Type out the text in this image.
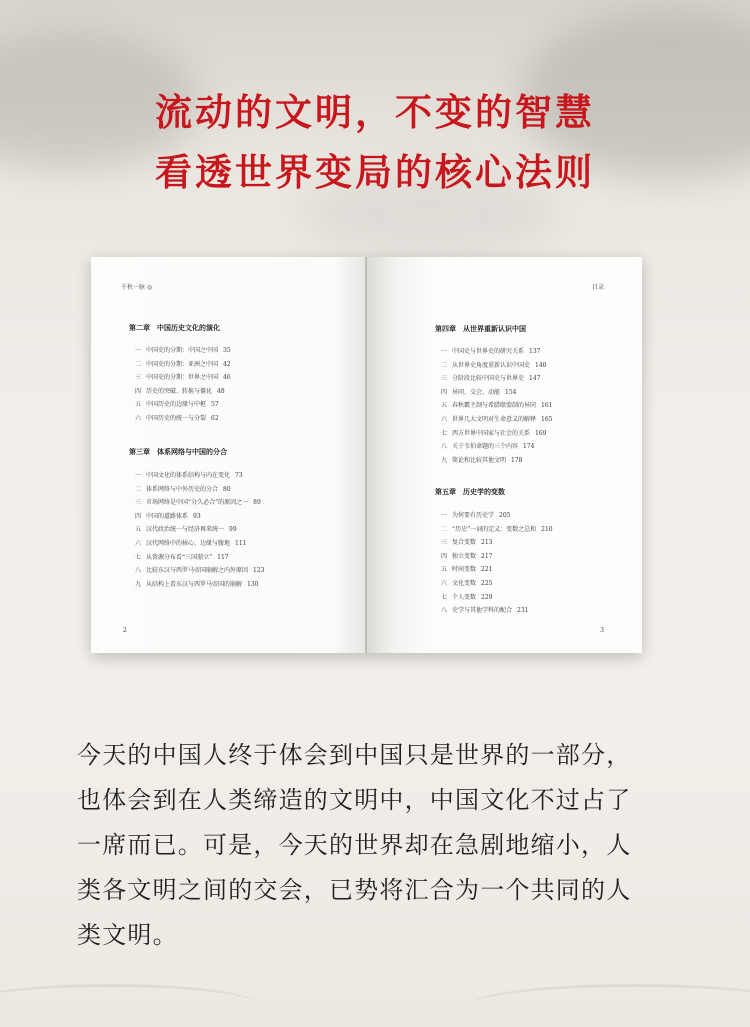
流动的文明，不变的智慧
看透世界变局的核心法则
千秋一脉 ◎
第二章　中国历史文化的演化
一 中国史的分期：中国之中国 35
二 中国史的分期：亚洲之中国 42
三 中国史的分期：世界之中国 46
四 历史的突破、转换与僵化 48
五 中国历史的边缘与中枢 57
六 中国历史的统一与分裂 62
第三章　体系网络与中国的分合
一 中国文化的体系结构与内在变化 73
二 体系网络与中外历史的分合 80
三 市场网络是中国“分久必合”的原因之一 89
四 中国的道路体系 93
五 汉代政治统一与经济再来统一 99
六 汉代网络中的核心、边缘与腹地 111
七 从资源分布看“三国鼎立” 117
八 比较东汉与西罗马帝国崩解之内外原因 123
九 从结构上看东汉与西罗马帝国的崩解 130
2
目录
第四章　从世界重新认识中国
一 中国史与世界史的研究关系 137
二 从世界史角度重新认识中国史 140
三 分阶段比较中国史与世界史 147
四 异同、交会、动能 154
五 春秋霸主制与希腊联盟制的异同 161
六 世界几大文明对生命意义的解释 165
七 西方世界中国家与社会的关系 169
八 关于韦伯命题的三个内容 174
九 简论和比较其他文明 178
第五章　历史学的变数
一 为何要有历史学 205
二 “历史”一词的定义：变数之总和 210
三 复合变数 213
四 独立变数 217
五 时间变数 221
六 文化变数 225
七 个人变数 229
八 史学与其他学科的配合 231
3

今天的中国人终于体会到中国只是世界的一部分，
也体会到在人类缔造的文明中，中国文化不过占了
一席而已。可是，今天的世界却在急剧地缩小，人
类各文明之间的交会，已势将汇合为一个共同的人
类文明。
